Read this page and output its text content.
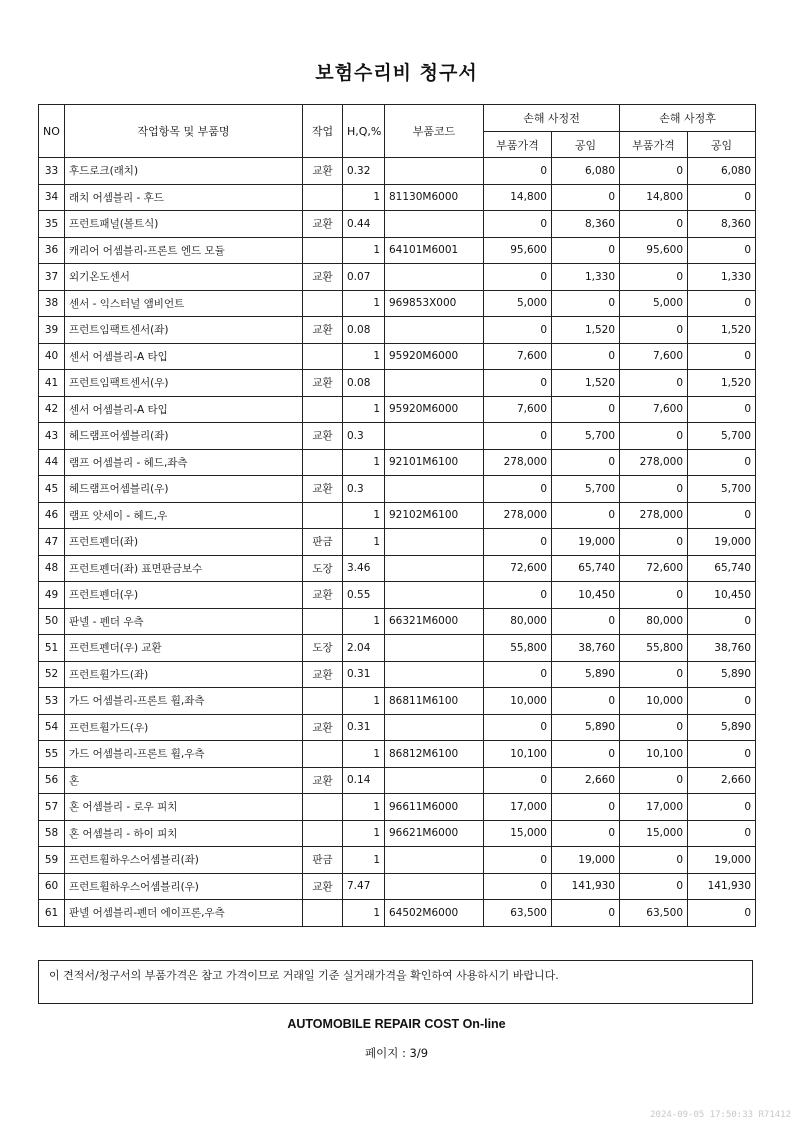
보험수리비 청구서
NO	작업항목 및 부품명	작업	H,Q,%	부품코드	손해 사정전		손해 사정후	
					부품가격	공임	부품가격	공임
33	후드로크(래치)	교환	0.32		0	6,080	0	6,080
34	래치 어셈블리 - 후드		1	81130M6000	14,800	0	14,800	0
35	프런트패널(볼트식)	교환	0.44		0	8,360	0	8,360
36	캐리어 어셈블리-프론트 엔드 모듈		1	64101M6001	95,600	0	95,600	0
37	외기온도센서	교환	0.07		0	1,330	0	1,330
38	센서 - 익스터널 앰비언트		1	969853X000	5,000	0	5,000	0
39	프런트임팩트센서(좌)	교환	0.08		0	1,520	0	1,520
40	센서 어셈블리-A 타입		1	95920M6000	7,600	0	7,600	0
41	프런트임팩트센서(우)	교환	0.08		0	1,520	0	1,520
42	센서 어셈블리-A 타입		1	95920M6000	7,600	0	7,600	0
43	헤드램프어셈블리(좌)	교환	0.3		0	5,700	0	5,700
44	램프 어셈블리 - 헤드,좌측		1	92101M6100	278,000	0	278,000	0
45	헤드램프어셈블리(우)	교환	0.3		0	5,700	0	5,700
46	램프 앗세이 - 헤드,우		1	92102M6100	278,000	0	278,000	0
47	프런트펜더(좌)	판금	1		0	19,000	0	19,000
48	프런트펜더(좌) 표면판금보수	도장	3.46		72,600	65,740	72,600	65,740
49	프런트펜더(우)	교환	0.55		0	10,450	0	10,450
50	판넬 - 펜더 우측		1	66321M6000	80,000	0	80,000	0
51	프런트펜더(우) 교환	도장	2.04		55,800	38,760	55,800	38,760
52	프런트휠가드(좌)	교환	0.31		0	5,890	0	5,890
53	가드 어셈블리-프론트 휠,좌측		1	86811M6100	10,000	0	10,000	0
54	프런트휠가드(우)	교환	0.31		0	5,890	0	5,890
55	가드 어셈블리-프론트 휠,우측		1	86812M6100	10,100	0	10,100	0
56	혼	교환	0.14		0	2,660	0	2,660
57	혼 어셈블리 - 로우 피치		1	96611M6000	17,000	0	17,000	0
58	혼 어셈블리 - 하이 피치		1	96621M6000	15,000	0	15,000	0
59	프런트휠하우스어셈블리(좌)	판금	1		0	19,000	0	19,000
60	프런트휠하우스어셈블리(우)	교환	7.47		0	141,930	0	141,930
61	판넬 어셈블리-펜더 에이프론,우측		1	64502M6000	63,500	0	63,500	0
이 견적서/청구서의 부품가격은 참고 가격이므로 거래일 기준 실거래가격을 확인하여 사용하시기 바랍니다.
AUTOMOBILE REPAIR COST On-line
페이지 : 3/9
2024-09-05 17:50:33 R71412
